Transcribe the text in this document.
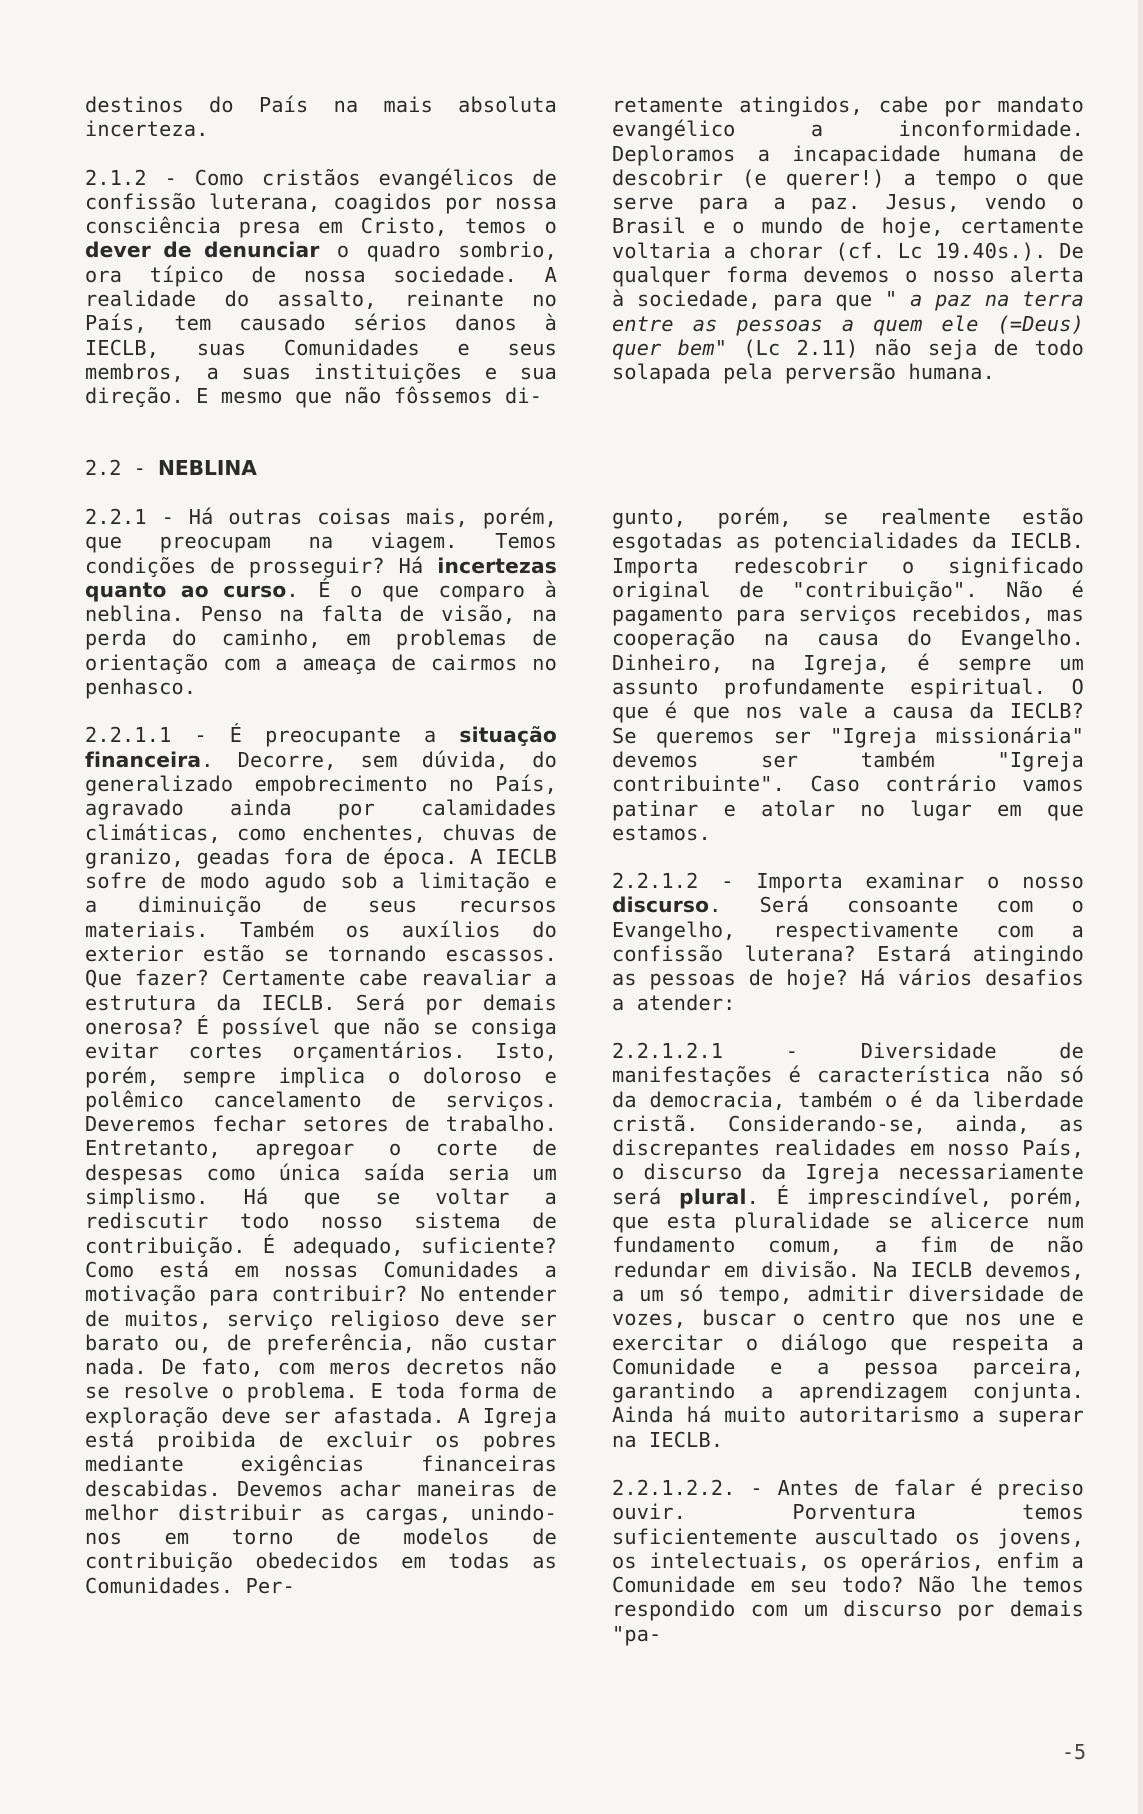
destinos do País na mais absoluta incerteza.

2.1.2 - Como cristãos evangélicos de confissão luterana, coagidos por nossa consciência presa em Cristo, temos o dever de denunciar o quadro sombrio, ora típico de nossa sociedade. A realidade do assalto, reinante no País, tem causado sérios danos à IECLB, suas Comunidades e seus membros, a suas instituições e sua direção. E mesmo que não fôssemos di-

retamente atingidos, cabe por mandato evangélico a inconformidade. Deploramos a incapacidade humana de descobrir (e querer!) a tempo o que serve para a paz. Jesus, vendo o Brasil e o mundo de hoje, certamente voltaria a chorar (cf. Lc 19.40s.). De qualquer forma devemos o nosso alerta à sociedade, para que " a paz na terra entre as pessoas a quem ele (=Deus) quer bem" (Lc 2.11) não seja de todo solapada pela perversão humana.

2.2 - NEBLINA

2.2.1 - Há outras coisas mais, porém, que preocupam na viagem. Temos condições de prosseguir? Há incertezas quanto ao curso. É o que comparo à neblina. Penso na falta de visão, na perda do caminho, em problemas de orientação com a ameaça de cairmos no penhasco.

2.2.1.1 - É preocupante a situação financeira. Decorre, sem dúvida, do generalizado empobrecimento no País, agravado ainda por calamidades climáticas, como enchentes, chuvas de granizo, geadas fora de época. A IECLB sofre de modo agudo sob a limitação e a diminuição de seus recursos materiais. Também os auxílios do exterior estão se tornando escassos. Que fazer? Certamente cabe reavaliar a estrutura da IECLB. Será por demais onerosa? É possível que não se consiga evitar cortes orçamentários. Isto, porém, sempre implica o doloroso e polêmico cancelamento de serviços. Deveremos fechar setores de trabalho. Entretanto, apregoar o corte de despesas como única saída seria um simplismo. Há que se voltar a rediscutir todo nosso sistema de contribuição. É adequado, suficiente? Como está em nossas Comunidades a motivação para contribuir? No entender de muitos, serviço religioso deve ser barato ou, de preferência, não custar nada. De fato, com meros decretos não se resolve o problema. E toda forma de exploração deve ser afastada. A Igreja está proibida de excluir os pobres mediante exigências financeiras descabidas. Devemos achar maneiras de melhor distribuir as cargas, unindo-nos em torno de modelos de contribuição obedecidos em todas as Comunidades. Per-

gunto, porém, se realmente estão esgotadas as potencialidades da IECLB. Importa redescobrir o significado original de "contribuição". Não é pagamento para serviços recebidos, mas cooperação na causa do Evangelho. Dinheiro, na Igreja, é sempre um assunto profundamente espiritual. O que é que nos vale a causa da IECLB? Se queremos ser "Igreja missionária" devemos ser também "Igreja contribuinte". Caso contrário vamos patinar e atolar no lugar em que estamos.

2.2.1.2 - Importa examinar o nosso discurso. Será consoante com o Evangelho, respectivamente com a confissão luterana? Estará atingindo as pessoas de hoje? Há vários desafios a atender:

2.2.1.2.1 - Diversidade de manifestações é característica não só da democracia, também o é da liberdade cristã. Considerando-se, ainda, as discrepantes realidades em nosso País, o discurso da Igreja necessariamente será plural. É imprescindível, porém, que esta pluralidade se alicerce num fundamento comum, a fim de não redundar em divisão. Na IECLB devemos, a um só tempo, admitir diversidade de vozes, buscar o centro que nos une e exercitar o diálogo que respeita a Comunidade e a pessoa parceira, garantindo a aprendizagem conjunta. Ainda há muito autoritarismo a superar na IECLB.

2.2.1.2.2. - Antes de falar é preciso ouvir. Porventura temos suficientemente auscultado os jovens, os intelectuais, os operários, enfim a Comunidade em seu todo? Não lhe temos respondido com um discurso por demais "pa-

-5
